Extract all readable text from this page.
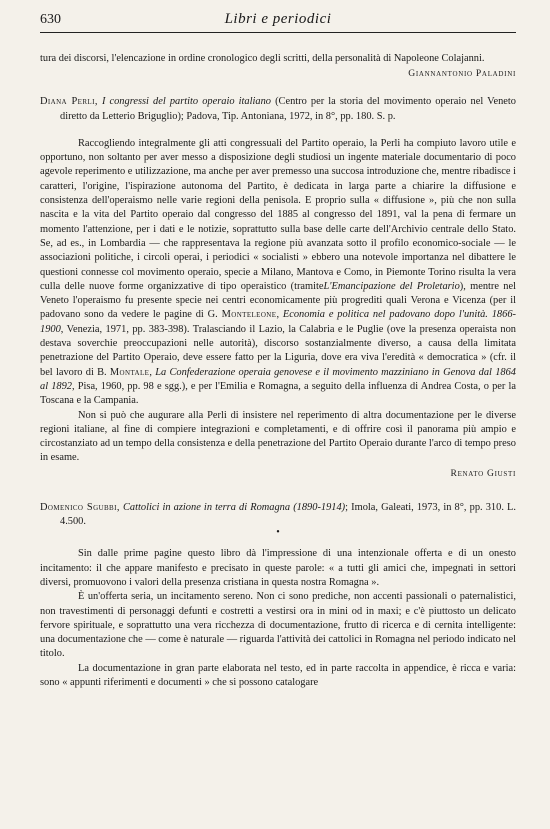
630	Libri e periodici

tura dei discorsi, l'elencazione in ordine cronologico degli scritti, della personalità di Napoleone Colajanni.

Giannantonio Paladini
Diana Perli, I congressi del partito operaio italiano (Centro per la storia del movimento operaio nel Veneto diretto da Letterio Briguglio); Padova, Tip. Antoniana, 1972, in 8°, pp. 180. S. p.

Raccogliendo integralmente gli atti congressuali del Partito operaio, la Perli ha compiuto lavoro utile e opportuno, non soltanto per aver messo a disposizione degli studiosi un ingente materiale documentario di poco agevole reperimento e utilizzazione, ma anche per aver premesso una succosa introduzione che, mentre ribadisce i caratteri, l'origine, l'ispirazione autonoma del Partito, è dedicata in larga parte a chiarire la diffusione e consistenza dell'operaismo nelle varie regioni della penisola. E proprio sulla « diffusione », più che non sulla nascita e la vita del Partito operaio dal congresso del 1885 al congresso del 1891, val la pena di fermare un momento l'attenzione, per i dati e le notizie, soprattutto sulla base delle carte dell'Archivio centrale dello Stato. Se, ad es., in Lombardia — che rappresentava la regione più avanzata sotto il profilo economico-sociale — le associazioni politiche, i circoli operai, i periodici « socialisti » ebbero una notevole importanza nel dibattere le questioni connesse col movimento operaio, specie a Milano, Mantova e Como, in Piemonte Torino risulta la vera culla delle nuove forme organizzative di tipo operaistico (tramiteL'Emancipazione del Proletario), mentre nel Veneto l'operaismo fu presente specie nei centri economicamente più progrediti quali Verona e Vicenza (per il padovano sono da vedere le pagine di G. Monteleone, Economia e politica nel padovano dopo l'unità. 1866-1900, Venezia, 1971, pp. 383-398). Tralasciando il Lazio, la Calabria e le Puglie (ove la presenza operaista non destava soverchie preoccupazioni nelle autorità), discorso sostanzialmente diverso, a causa della limitata penetrazione del Partito Operaio, deve essere fatto per la Liguria, dove era viva l'eredità « democratica » (cfr. il bel lavoro di B. Montale, La Confederazione operaia genovese e il movimento mazziniano in Genova dal 1864 al 1892, Pisa, 1960, pp. 98 e sgg.), e per l'Emilia e Romagna, a seguito della influenza di Andrea Costa, o per la Toscana e la Campania.

Non si può che augurare alla Perli di insistere nel reperimento di altra documentazione per le diverse regioni italiane, al fine di compiere integrazioni e completamenti, e di offrire così il panorama più ampio e circostanziato ad un tempo della consistenza e della penetrazione del Partito Operaio durante l'arco di tempo preso in esame.

Renato Giusti
Domenico Sgubbi, Cattolici in azione in terra di Romagna (1890-1914); Imola, Galeati, 1973, in 8°, pp. 310. L. 4.500.
•

Sin dalle prime pagine questo libro dà l'impressione di una intenzionale offerta e di un onesto incitamento: il che appare manifesto e precisato in queste parole: « a tutti gli amici che, impegnati in settori diversi, promuovono i valori della presenza cristiana in questa nostra Romagna ».

È un'offerta seria, un incitamento sereno. Non ci sono prediche, non accenti passionali o paternalistici, non travestimenti di personaggi defunti e costretti a vestirsi ora in mini od in maxi; e c'è piuttosto un delicato fervore spirituale, e soprattutto una vera ricchezza di documentazione, frutto di ricerca e di cernita intelligente: una documentazione che — come è naturale — riguarda l'attività dei cattolici in Romagna nel periodo indicato nel titolo.

La documentazione in gran parte elaborata nel testo, ed in parte raccolta in appendice, è ricca e varia: sono « appunti riferimenti e documenti » che si possono catalogare
